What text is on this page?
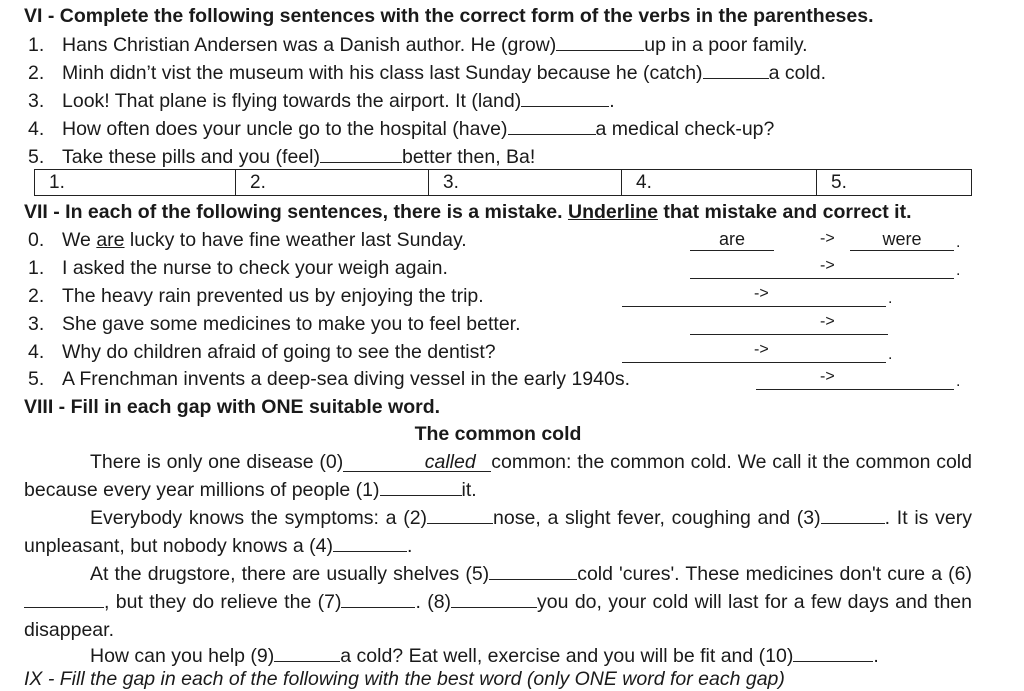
VI - Complete the following sentences with the correct form of the verbs in the parentheses.
1. Hans Christian Andersen was a Danish author. He (grow)	up in a poor family.
2. Minh didn’t vist the museum with his class last Sunday because he (catch)	a cold.
3. Look! That plane is flying towards the airport. It (land)	.
4. How often does your uncle go to the hospital (have)	a medical check-up?
5. Take these pills and you (feel)	better then, Ba!
1.	2.	3.	4.	5.
VII - In each of the following sentences, there is a mistake. Underline that mistake and correct it.
0. We are lucky to have fine weather last Sunday.	are	->	were	.
1. I asked the nurse to check your weigh again.	->	.
2. The heavy rain prevented us by enjoying the trip.	->	.
3. She gave some medicines to make you to feel better.	->
4. Why do children afraid of going to see the dentist?	->	.
5. A Frenchman invents a deep-sea diving vessel in the early 1940s.	->	.
VIII - Fill in each gap with ONE suitable word.
The common cold
There is only one disease (0)	called common: the common cold. We call it the common cold because every year millions of people (1)	it.
Everybody knows the symptoms: a (2)	nose, a slight fever, coughing and (3)	. It is very unpleasant, but nobody knows a (4)	.
At the drugstore, there are usually shelves (5)	cold 'cures'. These medicines don't cure a (6), but they do relieve the (7)	. (8)	you do, your cold will last for a few days and then disappear.
How can you help (9)	a cold? Eat well, exercise and you will be fit and (10)	.
IX - Fill the gap in each of the following with the best word (only ONE word for each gap)
